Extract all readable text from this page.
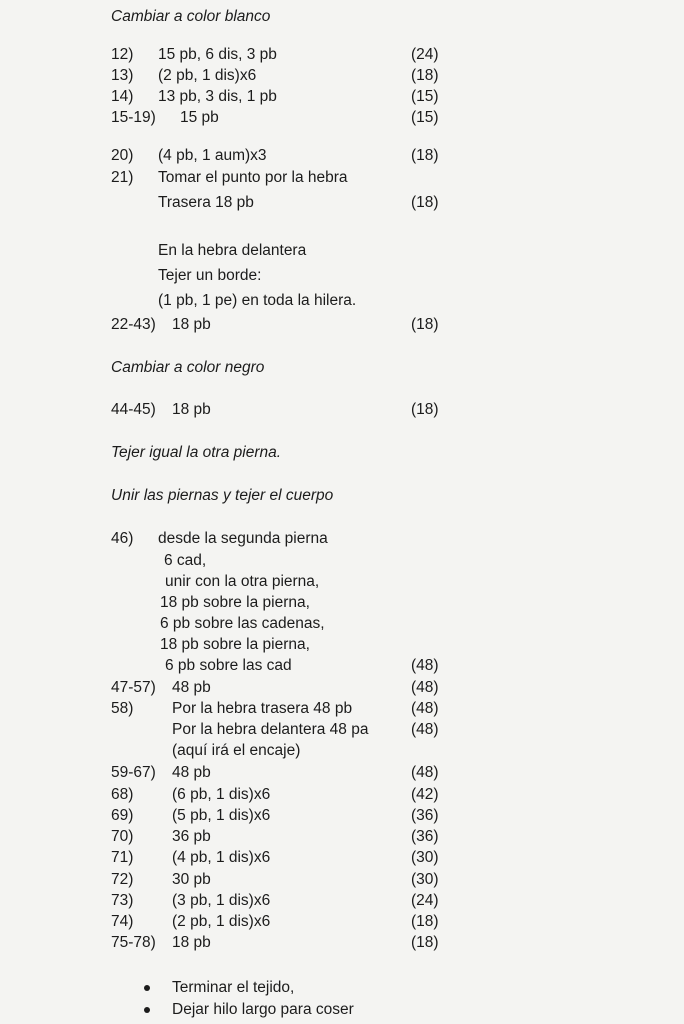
Cambiar a color blanco
12) 15 pb, 6 dis, 3 pb	(24)
13) (2 pb, 1 dis)x6	(18)
14) 13 pb, 3 dis, 1 pb	(15)
15-19) 15 pb	(15)
20) (4 pb, 1 aum)x3	(18)
21) Tomar el punto por la hebra
Trasera 18 pb	(18)
En la hebra delantera
Tejer un borde:
(1 pb, 1 pe) en toda la hilera.
22-43) 18 pb	(18)
Cambiar a color negro
44-45) 18 pb	(18)
Tejer igual la otra pierna.
Unir las piernas y tejer el cuerpo
46) desde la segunda pierna
6 cad,
unir con la otra pierna,
18 pb sobre la pierna,
6 pb sobre las cadenas,
18 pb sobre la pierna,
6 pb sobre las cad	(48)
47-57) 48 pb	(48)
58) Por la hebra trasera 48 pb	(48)
Por la hebra delantera 48 pa	(48)
(aquí irá el encaje)
59-67) 48 pb	(48)
68) (6 pb, 1 dis)x6	(42)
69) (5 pb, 1 dis)x6	(36)
70) 36 pb	(36)
71) (4 pb, 1 dis)x6	(30)
72) 30 pb	(30)
73) (3 pb, 1 dis)x6	(24)
74) (2 pb, 1 dis)x6	(18)
75-78) 18 pb	(18)
Terminar el tejido,
Dejar hilo largo para coser
